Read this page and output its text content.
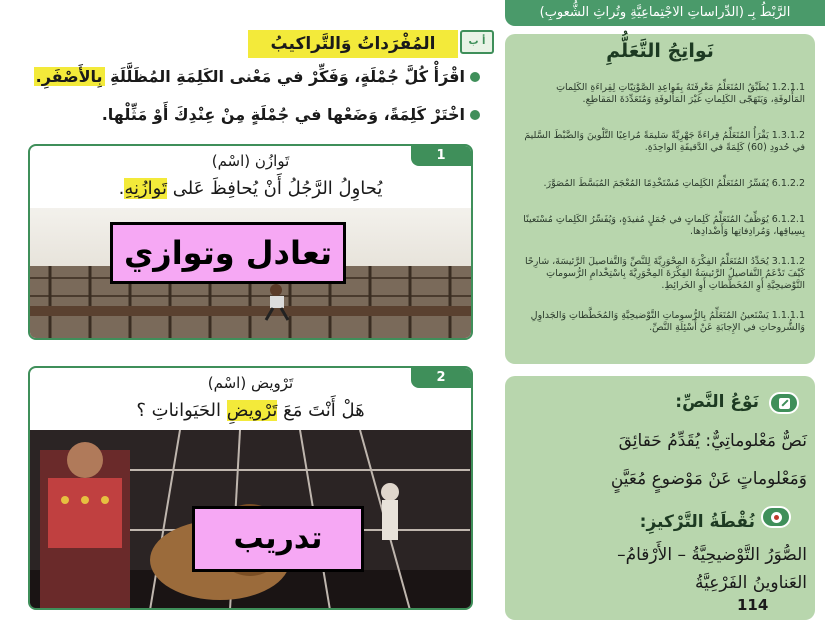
الرَّبْطُ بِـ (الدِّراساتِ الاجْتِماعِيَّةِ وتُراثِ الشُّعوبِ)
نَواتِجُ التَّعَلُّمِ
1.2.1.1 يُطَبِّقُ المُتَعَلِّمُ مَعْرِفَتَهُ بِقَواعِدِ الصَّوْتِيّاتِ لِقِراءَةِ الكَلِماتِ المَأْلوفَةِ، وَيَتَهَجّى الكَلِماتِ غَيْرَ المَأْلوفَةِ وَمُتَعَدِّدَةَ المَقاطِعِ.
1.3.1.2 يَقْرَأُ المُتَعَلِّمُ قِراءَةً جَهْرِيَّةً سَليمَةً مُراعِيًا التَّلْوينَ وَالضَّبْطَ السَّليمَ في حُدودِ (60) كَلِمَةً في الدَّقيقَةِ الواحِدَةِ.
6.1.2.2 يُفَسِّرُ المُتَعَلِّمُ الكَلِماتِ مُسْتَخْدِمًا المُعْجَمَ المُبَسَّطَ المُصَوَّرَ.
6.1.2.1 يُوَظِّفُ المُتَعَلِّمُ كَلِماتٍ في جُمَلٍ مُفيدَةٍ، وَيُفَسِّرُ الكَلِماتِ مُسْتَعينًا بِسِياقِها، وَمُرادِفاتِها وَأَضْدادِها.
3.1.1.2 يُحَدِّدُ المُتَعَلِّمُ الفِكْرَةَ المِحْوَرِيَّةَ لِلنَّصِّ وَالتَّفاصيلَ الرَّئيسَةَ، شارِحًا كَيْفَ تَدْعَمُ التَّفاصيلُ الرَّئيسَةُ الفِكْرَةَ المِحْوَرِيَّةَ بِاسْتِخْدامِ الرُّسوماتِ التَّوْضيحِيَّةِ أَوِ المُخَطَّطاتِ أَوِ الخَرائِطِ.
1.1.1.1 يَسْتَعينُ المُتَعَلِّمُ بِالرُّسوماتِ التَّوْضيحِيَّةِ وَالمُخَطَّطاتِ وَالجَداوِلِ وَالشُّروحاتِ في الإِجابَةِ عَنْ أَسْئِلَةِ النَّصِّ.
نَوْعُ النَّصِّ:
نَصٌّ مَعْلوماتِيٌّ: يُقَدِّمُ حَقائِقَ
وَمَعْلوماتٍ عَنْ مَوْضوعٍ مُعَيَّنٍ
نُقْطَةُ التَّرْكيزِ:
الصُّوَرُ التَّوْضيحِيَّةُ – الأَرْقامُ–
العَناوينُ الفَرْعِيَّةُ
114
أ ب
المُفْرَداتُ وَالتَّراكيبُ
اقْرَأْ كُلَّ جُمْلَةٍ، وَفَكِّرْ في مَعْنى الكَلِمَةِ المُظَلَّلَةِ بِالأَصْفَرِ.
اخْتَرْ كَلِمَةً، وَضَعْها في جُمْلَةٍ مِنْ عِنْدِكَ أَوْ مَثِّلْها.
1
تَوازُن (اسْم)
يُحاوِلُ الرَّجُلُ أَنْ يُحافِظَ عَلى تَوازُنِهِ.
تعادل وتوازي
2
تَرْويض (اسْم)
هَلْ أَنْتَ مَعَ تَرْويضِ الحَيَواناتِ ؟
تدريب
